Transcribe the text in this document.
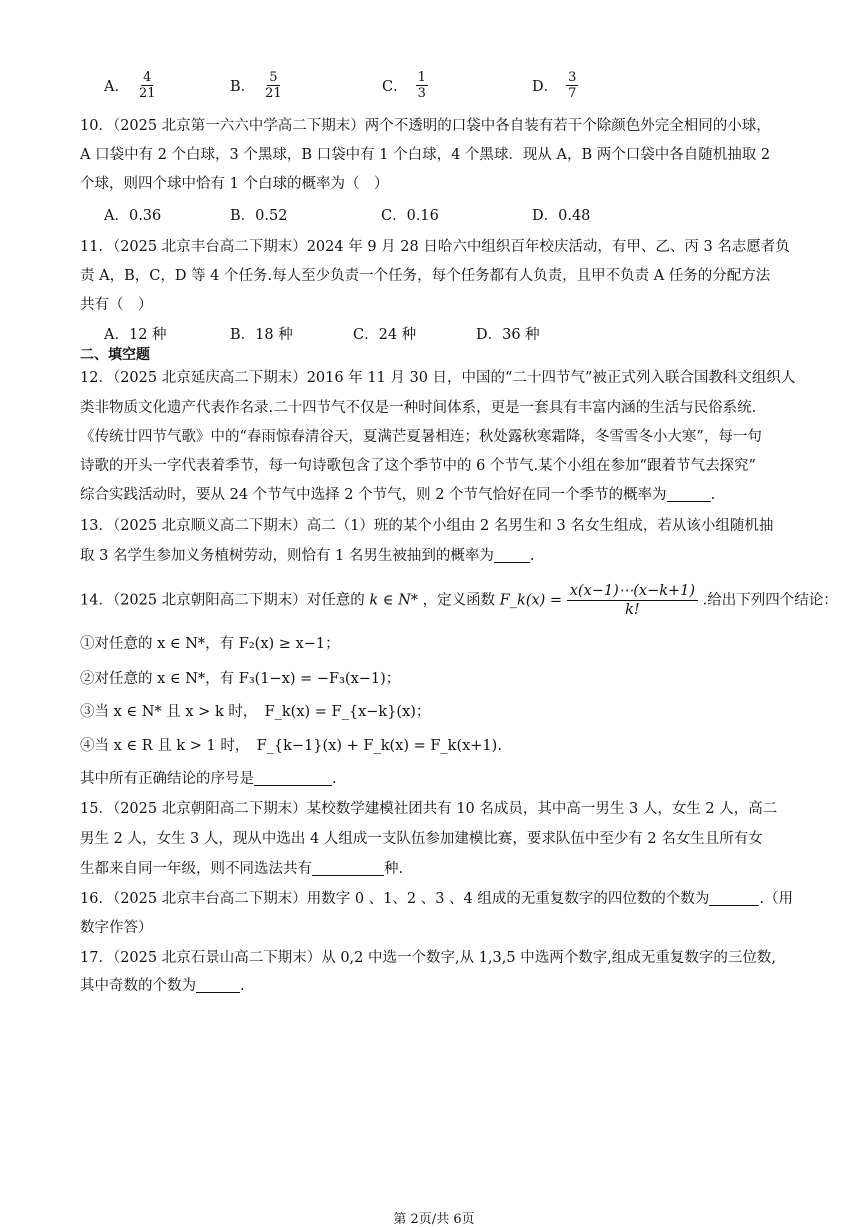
A． $\frac{4}{21}$	B． $\frac{5}{21}$	C． $\frac{1}{3}$	D． $\frac{3}{7}$
10．（2025 北京第一六六中学高二下期末）两个不透明的口袋中各自装有若干个除颜色外完全相同的小球，
A 口袋中有 2 个白球，3 个黑球，B 口袋中有 1 个白球，4 个黑球．现从 A，B 两个口袋中各自随机抽取 2
个球，则四个球中恰有 1 个白球的概率为（　）
A．0.36	B．0.52	C．0.16	D．0.48
11．（2025 北京丰台高二下期末）2024 年 9 月 28 日哈六中组织百年校庆活动，有甲、乙、丙 3 名志愿者负
责 A，B，C，D 等 4 个任务.每人至少负责一个任务，每个任务都有人负责，且甲不负责 A 任务的分配方法
共有（　）
A．12 种	B．18 种	C．24 种	D．36 种
二、填空题
12．（2025 北京延庆高二下期末）2016 年 11 月 30 日，中国的“二十四节气”被正式列入联合国教科文组织人
类非物质文化遗产代表作名录.二十四节气不仅是一种时间体系，更是一套具有丰富内涵的生活与民俗系统.
《传统廿四节气歌》中的“春雨惊春清谷天，夏满芒夏暑相连；秋处露秋寒霜降，冬雪雪冬小大寒”，每一句
诗歌的开头一字代表着季节，每一句诗歌包含了这个季节中的 6 个节气.某个小组在参加“跟着节气去探究”
综合实践活动时，要从 24 个节气中选择 2 个节气，则 2 个节气恰好在同一个季节的概率为	.
13．（2025 北京顺义高二下期末）高二（1）班的某个小组由 2 名男生和 3 名女生组成，若从该小组随机抽
取 3 名学生参加义务植树劳动，则恰有 1 名男生被抽到的概率为 .
14．（2025 北京朝阳高二下期末）对任意的 k ∈ N* ，定义函数 F_k(x) = $\frac{x(x-1)\cdots(x-k+1)}{k!}$ .给出下列四个结论：
①对任意的 x ∈ N*，有 F₂(x) ≥ x−1；
②对任意的 x ∈ N*，有 F₃(1−x) = −F₃(x−1)；
③当 x ∈ N* 且 x > k 时，　F_k(x) = F_{x−k}(x)；
④当 x ∈ R 且 k > 1 时，　F_{k−1}(x) + F_k(x) = F_k(x+1).
其中所有正确结论的序号是	.
15．（2025 北京朝阳高二下期末）某校数学建模社团共有 10 名成员，其中高一男生 3 人，女生 2 人，高二
男生 2 人，女生 3 人，现从中选出 4 人组成一支队伍参加建模比赛，要求队伍中至少有 2 名女生且所有女
生都来自同一年级，则不同选法共有	种.
16．（2025 北京丰台高二下期末）用数字 0 、1、2 、3 、4 组成的无重复数字的四位数的个数为	.（用
数字作答）
17．（2025 北京石景山高二下期末）从 0,2 中选一个数字,从 1,3,5 中选两个数字,组成无重复数字的三位数,
其中奇数的个数为	.
第 2页/共 6页
